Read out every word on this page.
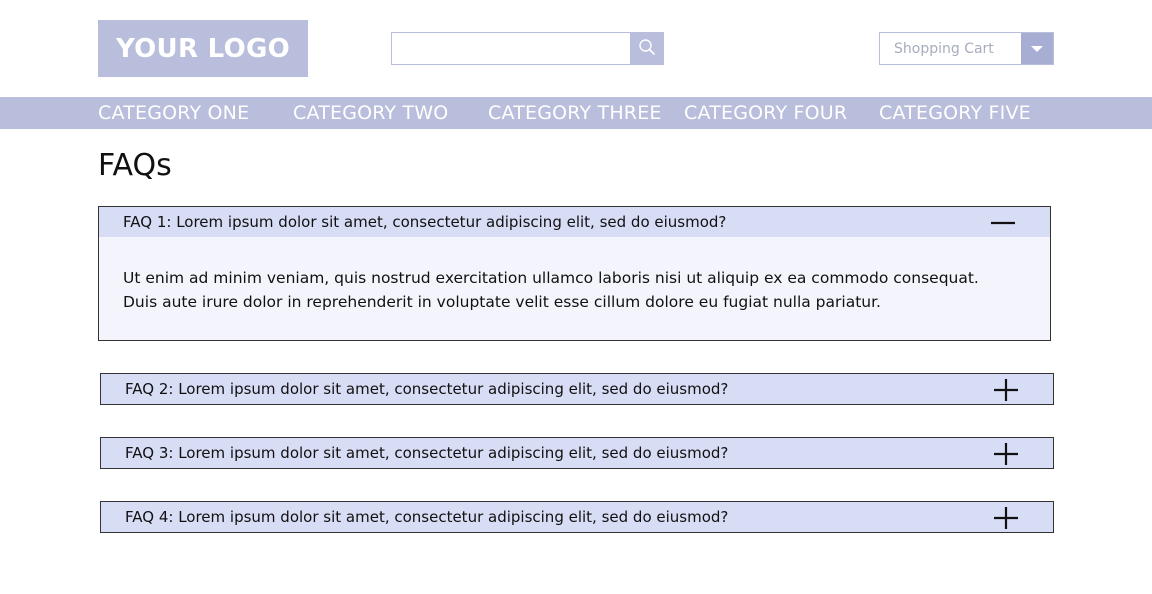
YOUR LOGO	Shopping Cart
CATEGORY ONE CATEGORY TWO CATEGORY THREE CATEGORY FOUR CATEGORY FIVE
FAQs
FAQ 1: Lorem ipsum dolor sit amet, consectetur adipiscing elit, sed do eiusmod?
Ut enim ad minim veniam, quis nostrud exercitation ullamco laboris nisi ut aliquip ex ea commodo consequat.
Duis aute irure dolor in reprehenderit in voluptate velit esse cillum dolore eu fugiat nulla pariatur.
FAQ 2: Lorem ipsum dolor sit amet, consectetur adipiscing elit, sed do eiusmod?
FAQ 3: Lorem ipsum dolor sit amet, consectetur adipiscing elit, sed do eiusmod?
FAQ 4: Lorem ipsum dolor sit amet, consectetur adipiscing elit, sed do eiusmod?
